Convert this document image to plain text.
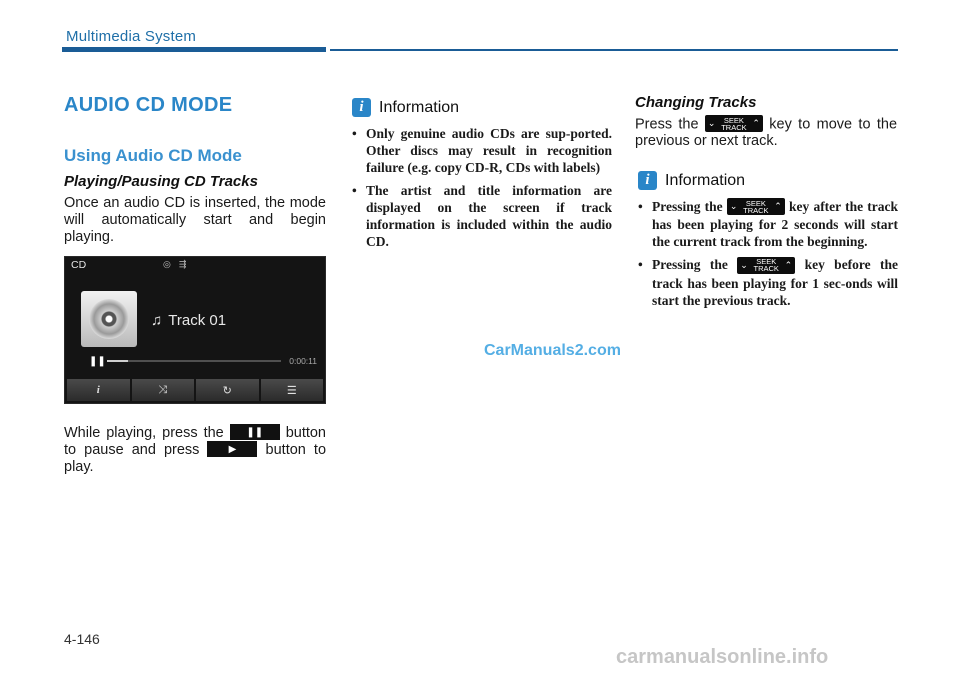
Multimedia System
AUDIO CD MODE
Using Audio CD Mode
Playing/Pausing CD Tracks
Once an audio CD is inserted, the mode will automatically start and begin playing.
CD	◎ ⇶
♫ Track 01
❚❚	0:00:11
i	⤨	↻	☰
While playing, press the ❚❚ button to pause and press	▶ button to play.
i Information
• Only genuine audio CDs are sup-ported. Other discs may result in recognition failure (e.g. copy CD-R, CDs with labels)
• The artist and title information are displayed on the screen if track information is included within the audio CD.
Changing Tracks
Press the ⌄	SEEK
TRACK ⌃ key to move to the previous or next track.
i Information
• Pressing the ⌄	SEEK
TRACK ⌃ key after the track has been playing for 2 seconds will start the current track from the beginning.
• Pressing the ⌄	SEEK
TRACK ⌃ key before the track has been playing for 1 sec-onds will start the previous track.
CarManuals2.com
4-146
carmanualsonline.info
